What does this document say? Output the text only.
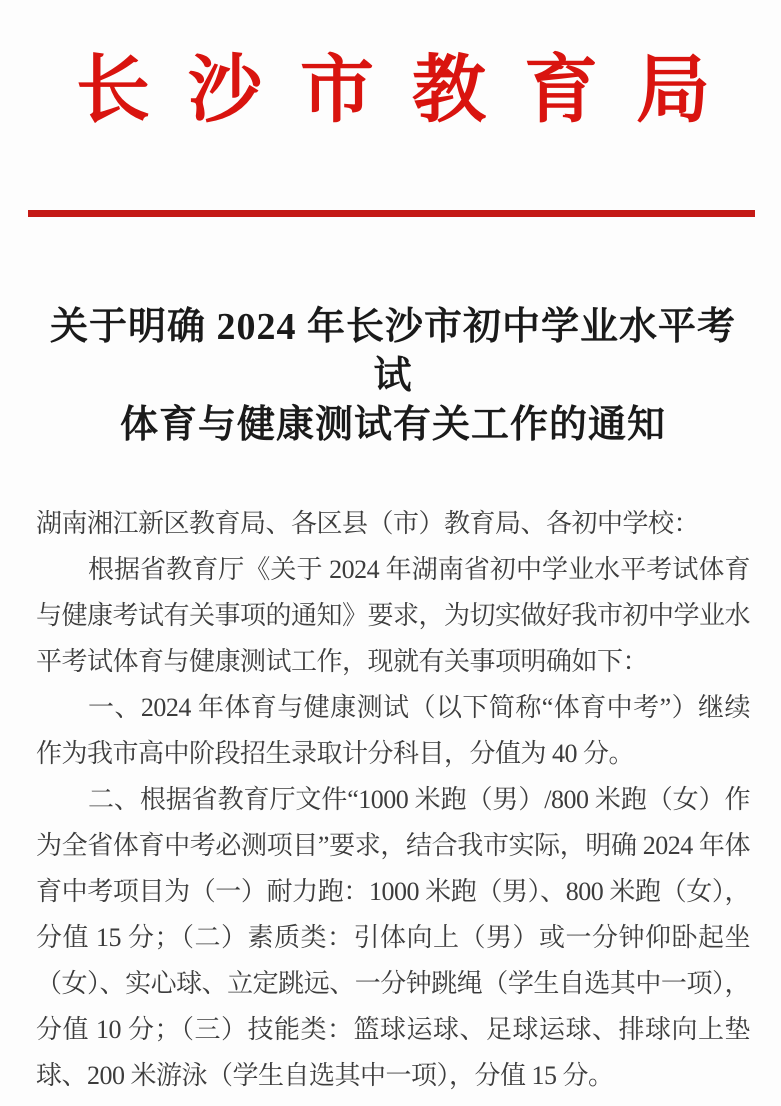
长沙市教育局
关于明确 2024 年长沙市初中学业水平考试
体育与健康测试有关工作的通知

湖南湘江新区教育局、各区县（市）教育局、各初中学校：

根据省教育厅《关于 2024 年湖南省初中学业水平考试体育与健康考试有关事项的通知》要求，为切实做好我市初中学业水平考试体育与健康测试工作，现就有关事项明确如下：

一、2024 年体育与健康测试（以下简称“体育中考”）继续作为我市高中阶段招生录取计分科目，分值为 40 分。

二、根据省教育厅文件“1000 米跑（男）/800 米跑（女）作为全省体育中考必测项目”要求，结合我市实际，明确 2024 年体育中考项目为（一）耐力跑：1000 米跑（男）、800 米跑（女），分值 15 分；（二）素质类：引体向上（男）或一分钟仰卧起坐（女）、实心球、立定跳远、一分钟跳绳（学生自选其中一项），分值 10 分；（三）技能类：篮球运球、足球运球、排球向上垫球、200 米游泳（学生自选其中一项），分值 15 分。
